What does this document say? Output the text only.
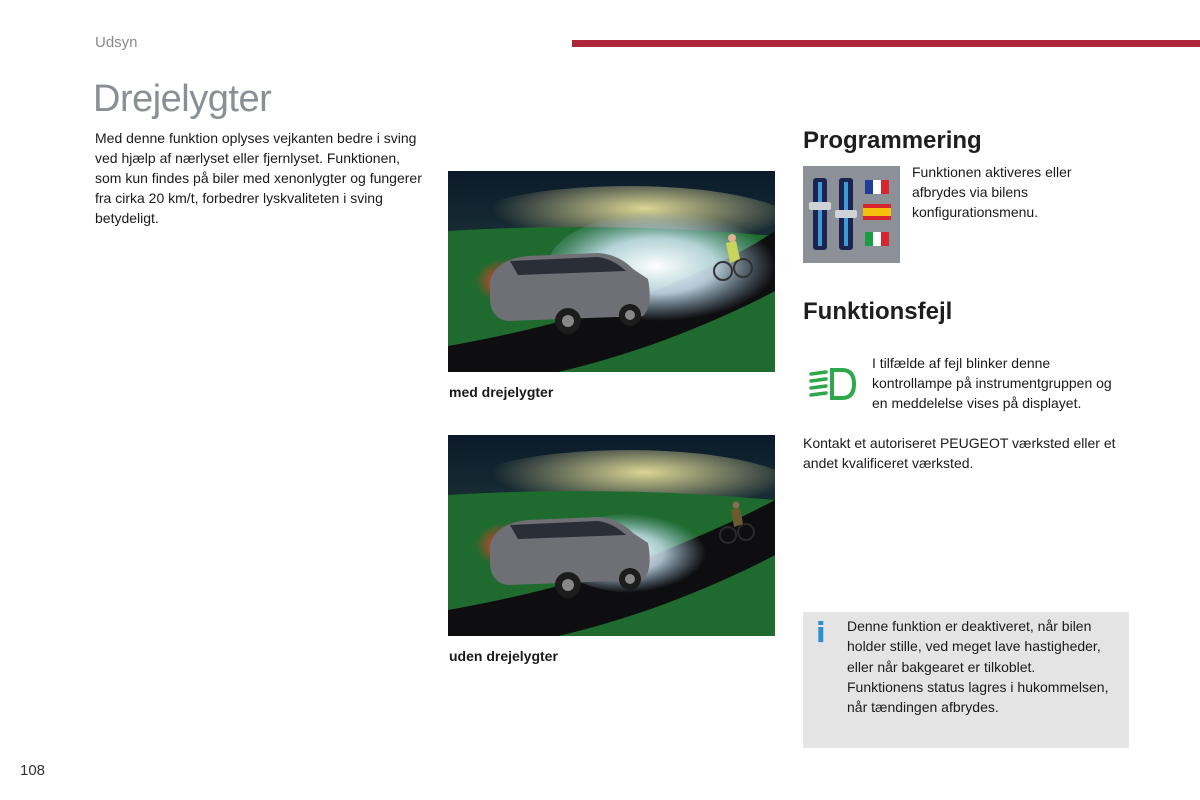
Udsyn
Drejelygter

Med denne funktion oplyses vejkanten bedre i sving ved hjælp af nærlyset eller fjernlyset. Funktionen, som kun findes på biler med xenonlygter og fungerer fra cirka 20 km/t, forbedrer lyskvaliteten i sving betydeligt.

med drejelygter
uden drejelygter
Programmering

Funktionen aktiveres eller afbrydes via bilens konfigurationsmenu.

Funktionsfejl

I tilfælde af fejl blinker denne kontrollampe på instrumentgruppen og en meddelelse vises på displayet.

Kontakt et autoriseret PEUGEOT værksted eller et andet kvalificeret værksted.

i Denne funktion er deaktiveret, når bilen holder stille, ved meget lave hastigheder, eller når bakgearet er tilkoblet.

Funktionens status lagres i hukommelsen, når tændingen afbrydes.

108
